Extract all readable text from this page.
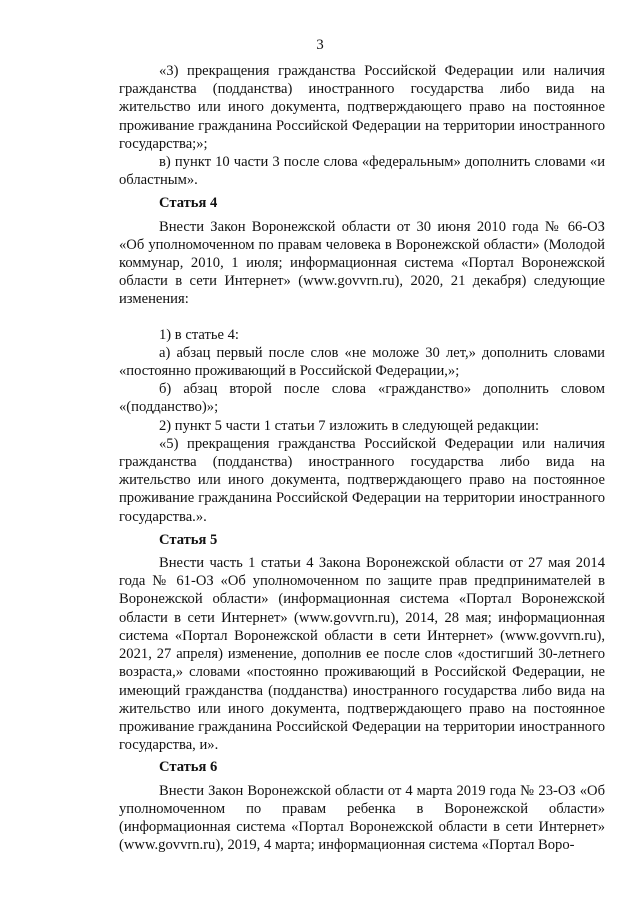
3

«3) прекращения гражданства Российской Федерации или наличия гражданства (подданства) иностранного государства либо вида на жительство или иного документа, подтверждающего право на постоянное проживание гражданина Российской Федерации на территории иностранного государства;»;

в) пункт 10 части 3 после слова «федеральным» дополнить словами «и областным».

Статья 4

Внести Закон Воронежской области от 30 июня 2010 года № 66-ОЗ «Об уполномоченном по правам человека в Воронежской области» (Молодой коммунар, 2010, 1 июля; информационная система «Портал Воронежской области в сети Интернет» (www.govvrn.ru), 2020, 21 декабря) следующие изменения:

1) в статье 4:

а) абзац первый после слов «не моложе 30 лет,» дополнить словами «постоянно проживающий в Российской Федерации,»;

б) абзац второй после слова «гражданство» дополнить словом «(подданство)»;

2) пункт 5 части 1 статьи 7 изложить в следующей редакции:

«5) прекращения гражданства Российской Федерации или наличия гражданства (подданства) иностранного государства либо вида на жительство или иного документа, подтверждающего право на постоянное проживание гражданина Российской Федерации на территории иностранного государства.».

Статья 5

Внести часть 1 статьи 4 Закона Воронежской области от 27 мая 2014 года № 61-ОЗ «Об уполномоченном по защите прав предпринимателей в Воронежской области» (информационная система «Портал Воронежской области в сети Интернет» (www.govvrn.ru), 2014, 28 мая; информационная система «Портал Воронежской области в сети Интернет» (www.govvrn.ru), 2021, 27 апреля) изменение, дополнив ее после слов «достигший 30-летнего возраста,» словами «постоянно проживающий в Российской Федерации, не имеющий гражданства (подданства) иностранного государства либо вида на жительство или иного документа, подтверждающего право на постоянное проживание гражданина Российской Федерации на территории иностранного государства, и».

Статья 6

Внести Закон Воронежской области от 4 марта 2019 года № 23-ОЗ «Об уполномоченном по правам ребенка в Воронежской области» (информационная система «Портал Воронежской области в сети Интернет» (www.govvrn.ru), 2019, 4 марта; информационная система «Портал Воро-
